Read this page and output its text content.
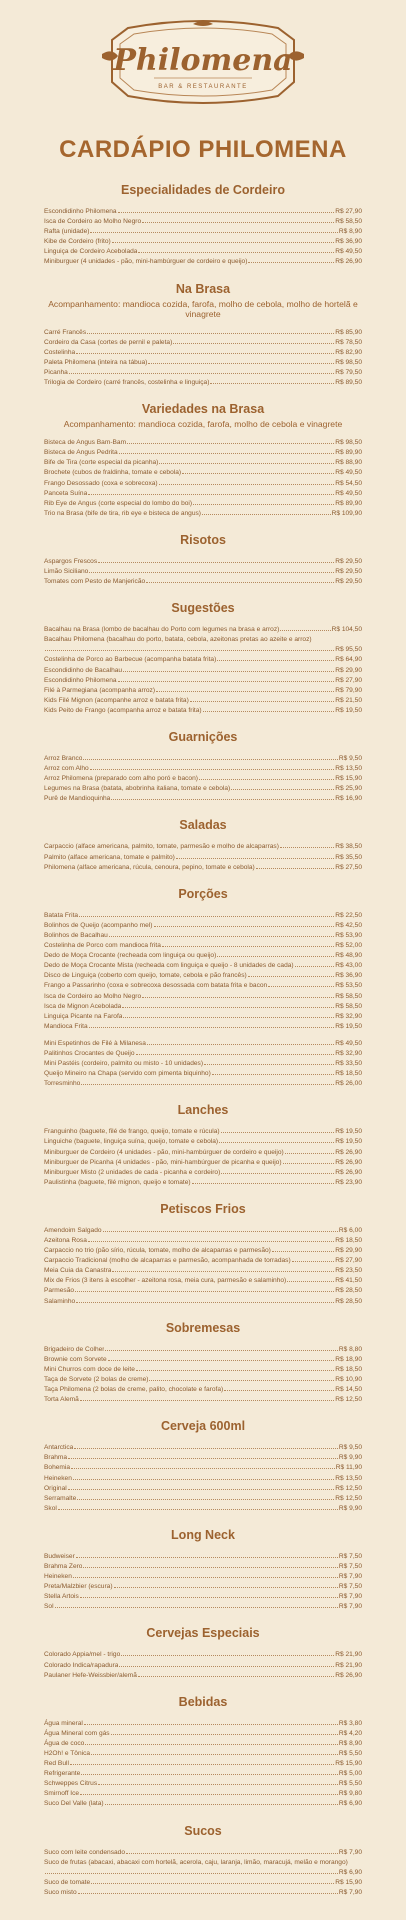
Philomena
BAR & RESTAURANTE
CARDÁPIO PHILOMENA
Especialidades de Cordeiro
Escondidinho Philomena	R$ 27,90
Isca de Cordeiro ao Molho Negro	R$ 58,50
Rafta (unidade)	R$ 8,90
Kibe de Cordeiro (frito)	R$ 36,90
Linguiça de Cordeiro Acebolada	R$ 49,50
Miniburguer (4 unidades - pão, mini-hambúrguer de cordeiro e queijo)	R$ 26,90
Na Brasa
Acompanhamento: mandioca cozida, farofa, molho de cebola, molho de hortelã e vinagrete
Carré Francês	R$ 85,90
Cordeiro da Casa (cortes de pernil e paleta)	R$ 78,50
Costelinha	R$ 82,90
Paleta Philomena (inteira na tábua)	R$ 98,50
Picanha	R$ 79,50
Trilogia de Cordeiro (carré francês, costelinha e linguiça)	R$ 89,50
Variedades na Brasa
Acompanhamento: mandioca cozida, farofa, molho de cebola e vinagrete
Bisteca de Angus Bam-Bam	R$ 98,50
Bisteca de Angus Pedrita	R$ 89,90
Bife de Tira (corte especial da picanha)	R$ 88,90
Brochete (cubos de fraldinha, tomate e cebola)	R$ 49,50
Frango Desossado (coxa e sobrecoxa)	R$ 54,50
Panceta Suína	R$ 49,50
Rib Eye de Angus (corte especial do lombo do boi)	R$ 89,90
Trio na Brasa (bife de tira, rib eye e bisteca de angus)	R$ 109,90
Risotos
Aspargos Frescos	R$ 29,50
Limão Siciliano	R$ 29,50
Tomates com Pesto de Manjericão	R$ 29,50
Sugestões
Bacalhau na Brasa (lombo de bacalhau do Porto com legumes na brasa e arroz)	R$ 104,50
Bacalhau Philomena (bacalhau do porto, batata, cebola, azeitonas pretas ao azeite e arroz)
R$ 95,50
Costelinha de Porco ao Barbecue (acompanha batata frita)	R$ 64,90
Escondidinho de Bacalhau	R$ 29,90
Escondidinho Philomena	R$ 27,90
Filé à Parmegiana (acompanha arroz)	R$ 79,90
Kids Filé Mignon (acompanhe arroz e batata frita)	R$ 21,50
Kids Peito de Frango (acompanha arroz e batata frita)	R$ 19,50
Guarnições
Arroz Branco	R$ 9,50
Arroz com Alho	R$ 13,50
Arroz Philomena (preparado com alho poró e bacon)	R$ 15,90
Legumes na Brasa (batata, abobrinha italiana, tomate e cebola)	R$ 25,90
Purê de Mandioquinha	R$ 16,90
Saladas
Carpaccio (alface americana, palmito, tomate, parmesão e molho de alcaparras)	R$ 38,50
Palmito (alface americana, tomate e palmito)	R$ 35,50
Philomena (alface americana, rúcula, cenoura, pepino, tomate e cebola)	R$ 27,50
Porções
Batata Frita	R$ 22,50
Bolinhos de Queijo (acompanho mel)	R$ 42,50
Bolinhos de Bacalhau	R$ 53,90
Costelinha de Porco com mandioca frita	R$ 52,00
Dedo de Moça Crocante (recheada com linguiça ou queijo)	R$ 48,90
Dedo de Moça Crocante Mista (recheada com linguiça e queijo - 8 unidades de cada)	R$ 43,00
Disco de Linguiça (coberto com queijo, tomate, cebola e pão francês)	R$ 36,90
Frango a Passarinho (coxa e sobrecoxa desossada com batata frita e bacon	R$ 53,50
Isca de Cordeiro ao Molho Negro	R$ 58,50
Isca de Mignon Acebolada	R$ 58,50
Linguiça Picante na Farofa	R$ 32,90
Mandioca Frita	R$ 19,50
Mini Espetinhos de Filé à Milanesa	R$ 49,50
Palitinhos Crocantes de Queijo	R$ 32,90
Mini Pastéis (cordeiro, palmito ou misto - 10 unidades)	R$ 33,50
Queijo Mineiro na Chapa (servido com pimenta biquinho)	R$ 18,50
Torresminho	R$ 26,00
Lanches
Franguinho (baguete, filé de frango, queijo, tomate e rúcula)	R$ 19,50
Linguiche (baguete, linguiça suína, queijo, tomate e cebola)	R$ 19,50
Miniburguer de Cordeiro (4 unidades - pão, mini-hambúrguer de cordeiro e queijo)	R$ 26,90
Miniburguer de Picanha (4 unidades - pão, mini-hambúrguer de picanha e queijo)	R$ 26,90
Miniburguer Misto (2 unidades de cada - picanha e cordeiro)	R$ 26,90
Paulistinha (baguete, filé mignon, queijo e tomate)	R$ 23,90
Petiscos Frios
Amendoim Salgado	R$ 6,00
Azeitona Rosa	R$ 18,50
Carpaccio no trio (pão sírio, rúcula, tomate, molho de alcaparras e parmesão)	R$ 29,90
Carpaccio Tradicional (molho de alcaparras e parmesão, acompanhada de torradas)	R$ 27,90
Meia Cuia da Canastra	R$ 23,50
Mix de Frios (3 itens à escolher - azeitona rosa, meia cura, parmesão e salaminho)	R$ 41,50
Parmesão	R$ 28,50
Salaminho	R$ 28,50
Sobremesas
Brigadeiro de Colher	R$ 8,80
Brownie com Sorvete	R$ 18,90
Mini Churros com doce de leite	R$ 18,50
Taça de Sorvete (2 bolas de creme)	R$ 10,90
Taça Philomena (2 bolas de creme, palito, chocolate e farofa)	R$ 14,50
Torta Alemã	R$ 12,50
Cerveja 600ml
Antarctica	R$ 9,50
Brahma	R$ 9,90
Bohemia	R$ 11,90
Heineken	R$ 13,50
Original	R$ 12,50
Serramalte	R$ 12,50
Skol	R$ 9,90
Long Neck
Budweiser	R$ 7,50
Brahma Zero	R$ 7,50
Heineken	R$ 7,90
Preta/Malzbier (escura)	R$ 7,50
Stella Artois	R$ 7,90
Sol	R$ 7,90
Cervejas Especiais
Colorado Appia/mel - trigo	R$ 21,90
Colorado Indica/rapadura	R$ 21,90
Paulaner Hefe-Weissbier/alemã	R$ 26,90
Bebidas
Água mineral	R$ 3,80
Água Mineral com gás	R$ 4,20
Água de coco	R$ 8,90
H2Oh! e Tônica	R$ 5,50
Red Bull	R$ 15,90
Refrigerante	R$ 5,00
Schweppes Citrus	R$ 5,50
Smirnoff Ice	R$ 9,80
Suco Del Valle (lata)	R$ 6,90
Sucos
Suco com leite condensado	R$ 7,90
Suco de frutas (abacaxi, abacaxi com hortelã, acerola, caju, laranja, limão, maracujá, melão e morango)
R$ 6,90
Suco de tomate	R$ 15,90
Suco misto	R$ 7,90
